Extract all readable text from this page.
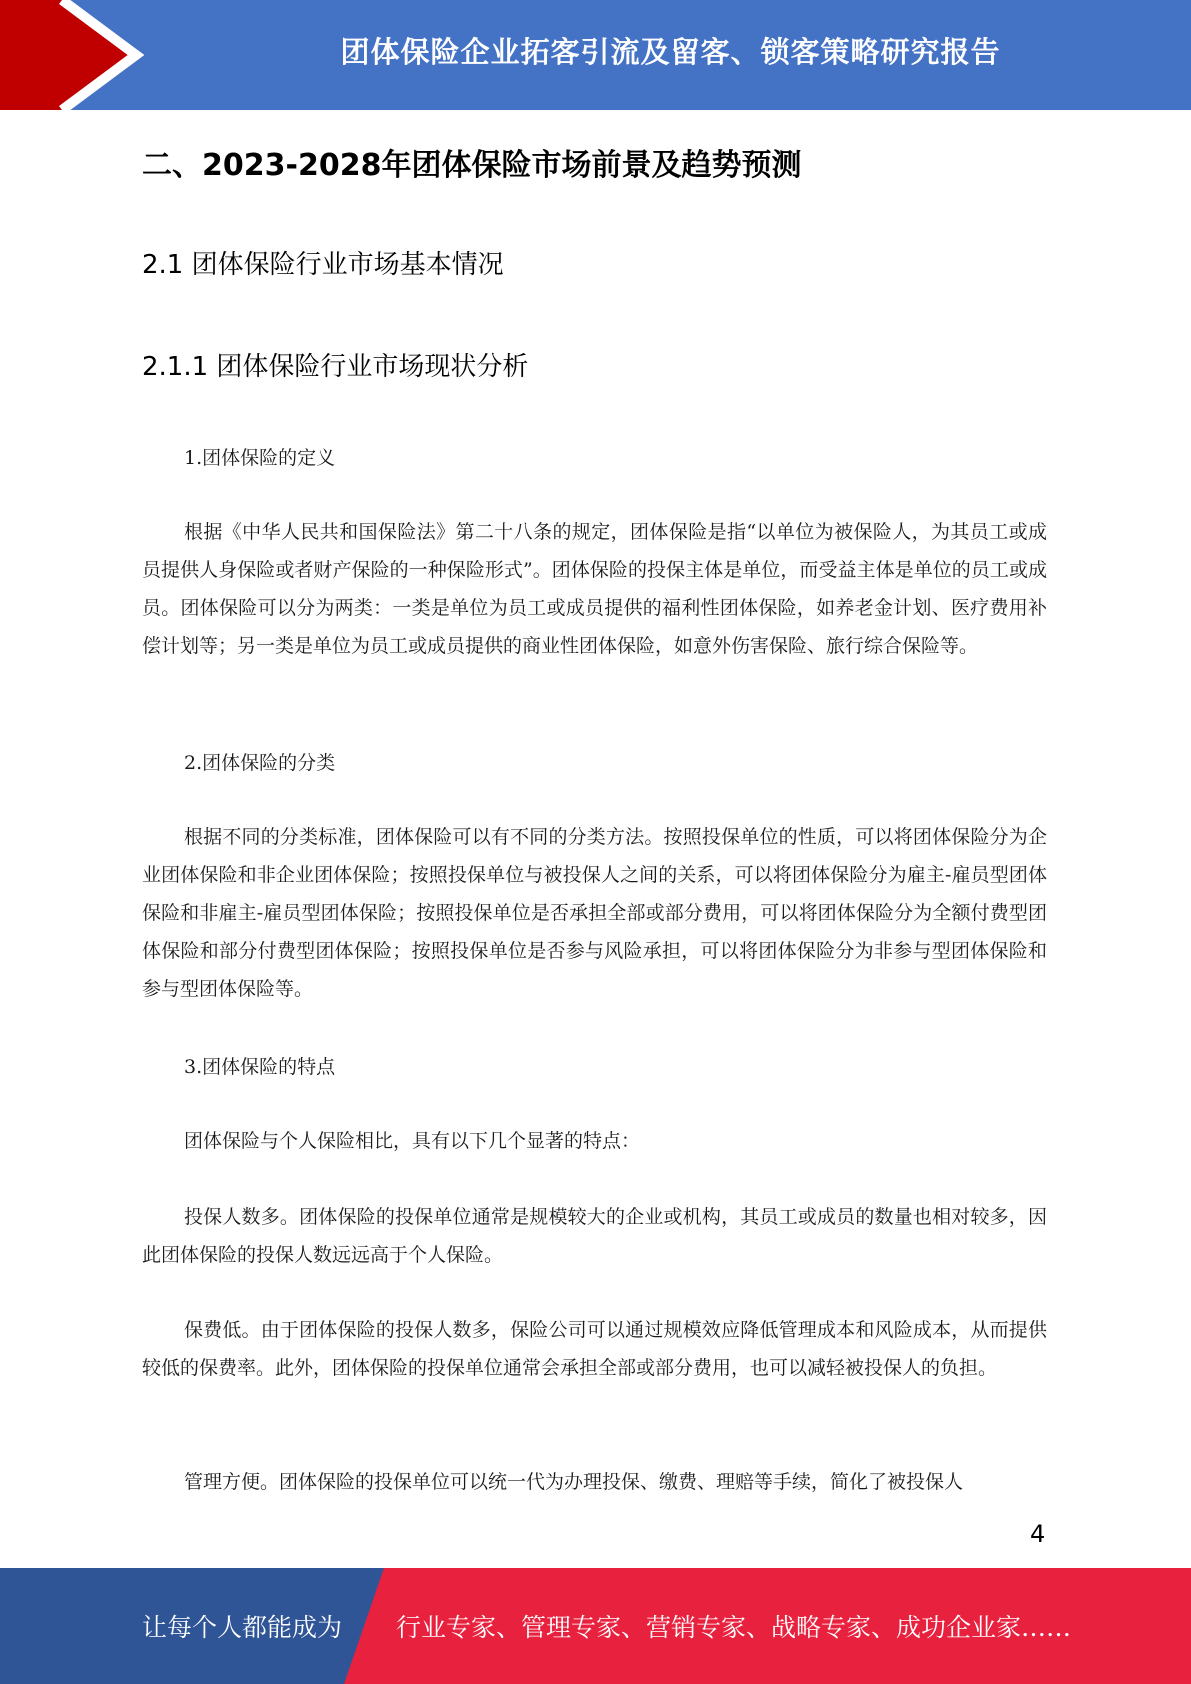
团体保险企业拓客引流及留客、锁客策略研究报告
二、2023-2028年团体保险市场前景及趋势预测
2.1 团体保险行业市场基本情况
2.1.1 团体保险行业市场现状分析
1.团体保险的定义
根据《中华人民共和国保险法》第二十八条的规定，团体保险是指“以单位为被保险人，为其员工或成员提供人身保险或者财产保险的一种保险形式”。团体保险的投保主体是单位，而受益主体是单位的员工或成员。团体保险可以分为两类：一类是单位为员工或成员提供的福利性团体保险，如养老金计划、医疗费用补偿计划等；另一类是单位为员工或成员提供的商业性团体保险，如意外伤害保险、旅行综合保险等。
2.团体保险的分类
根据不同的分类标准，团体保险可以有不同的分类方法。按照投保单位的性质，可以将团体保险分为企业团体保险和非企业团体保险；按照投保单位与被投保人之间的关系，可以将团体保险分为雇主-雇员型团体保险和非雇主-雇员型团体保险；按照投保单位是否承担全部或部分费用，可以将团体保险分为全额付费型团体保险和部分付费型团体保险；按照投保单位是否参与风险承担，可以将团体保险分为非参与型团体保险和参与型团体保险等。
3.团体保险的特点
团体保险与个人保险相比，具有以下几个显著的特点：
投保人数多。团体保险的投保单位通常是规模较大的企业或机构，其员工或成员的数量也相对较多，因此团体保险的投保人数远远高于个人保险。
保费低。由于团体保险的投保人数多，保险公司可以通过规模效应降低管理成本和风险成本，从而提供较低的保费率。此外，团体保险的投保单位通常会承担全部或部分费用，也可以减轻被投保人的负担。
管理方便。团体保险的投保单位可以统一代为办理投保、缴费、理赔等手续，简化了被投保人
4
让每个人都能成为 行业专家、管理专家、营销专家、战略专家、成功企业家……
